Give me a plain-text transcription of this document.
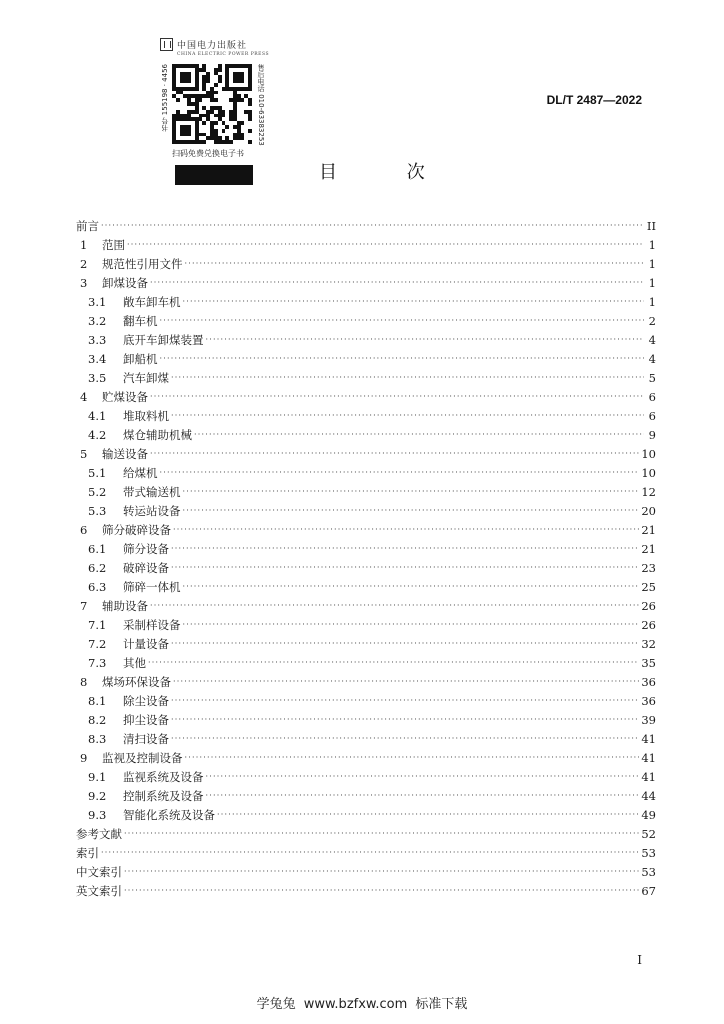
中国电力出版社
CHINA ELECTRIC POWER PRESS
书号 155198 · 4456	售后电话 010-63383253
扫码免费兑换电子书
DL/T 2487—2022
目 次
前言 ·····	II
1	范围 ·····	1
2	规范性引用文件 ·····	1
3	卸煤设备 ·····	1
3.1	敞车卸车机 ·····	1
3.2	翻车机 ·····	2
3.3	底开车卸煤装置 ·····	4
3.4	卸船机 ·····	4
3.5	汽车卸煤 ·····	5
4	贮煤设备 ·····	6
4.1	堆取料机 ·····	6
4.2	煤仓辅助机械 ·····	9
5	输送设备 ·····	10
5.1	给煤机 ·····	10
5.2	带式输送机 ·····	12
5.3	转运站设备 ·····	20
6	筛分破碎设备 ·····	21
6.1	筛分设备 ·····	21
6.2	破碎设备 ·····	23
6.3	筛碎一体机 ·····	25
7	辅助设备 ·····	26
7.1	采制样设备 ·····	26
7.2	计量设备 ·····	32
7.3	其他 ·····	35
8	煤场环保设备 ·····	36
8.1	除尘设备 ·····	36
8.2	抑尘设备 ·····	39
8.3	清扫设备 ·····	41
9	监视及控制设备 ·····	41
9.1	监视系统及设备 ·····	41
9.2	控制系统及设备 ·····	44
9.3	智能化系统及设备 ·····	49
参考文献 ·····	52
索引 ·····	53
中文索引 ·····	53
英文索引 ·····	67
I
学兔兔 www.bzfxw.com 标准下载
